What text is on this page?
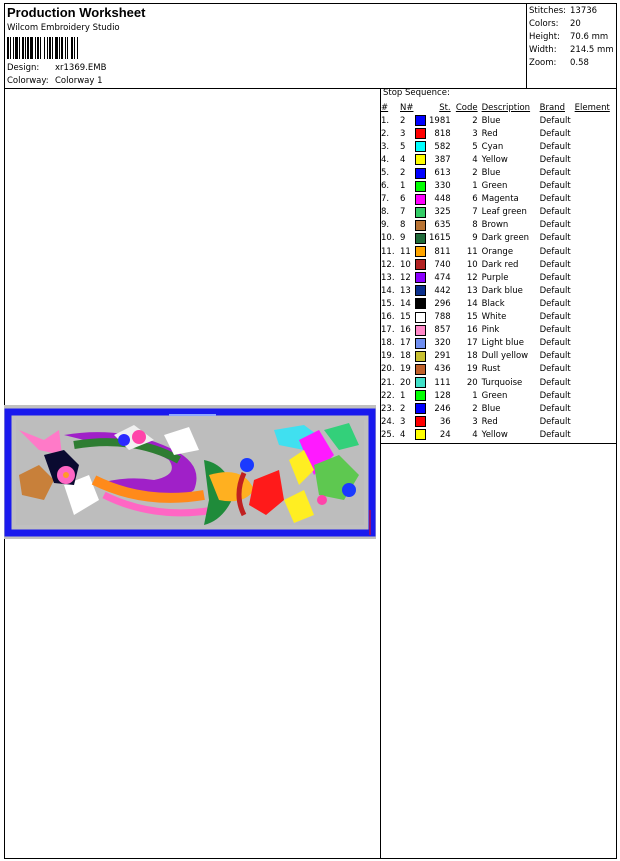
Production Worksheet
Wilcom Embroidery Studio
Design: xr1369.EMB
Colorway: Colorway 1
Stitches: 13736
Colors: 20
Height: 70.6 mm
Width: 214.5 mm
Zoom: 0.58
Stop Sequence:
#	N#		St.	Code	Description	Brand	Element
1.	2		1981	2	Blue	Default	
2.	3		818	3	Red	Default	
3.	5		582	5	Cyan	Default	
4.	4		387	4	Yellow	Default	
5.	2		613	2	Blue	Default	
6.	1		330	1	Green	Default	
7.	6		448	6	Magenta	Default	
8.	7		325	7	Leaf green	Default	
9.	8		635	8	Brown	Default	
10.	9		1615	9	Dark green	Default	
11.	11		811	11	Orange	Default	
12.	10		740	10	Dark red	Default	
13.	12		474	12	Purple	Default	
14.	13		442	13	Dark blue	Default	
15.	14		296	14	Black	Default	
16.	15		788	15	White	Default	
17.	16		857	16	Pink	Default	
18.	17		320	17	Light blue	Default	
19.	18		291	18	Dull yellow	Default	
20.	19		436	19	Rust	Default	
21.	20		111	20	Turquoise	Default	
22.	1		128	1	Green	Default	
23.	2		246	2	Blue	Default	
24.	3		36	3	Red	Default	
25.	4		24	4	Yellow	Default	
